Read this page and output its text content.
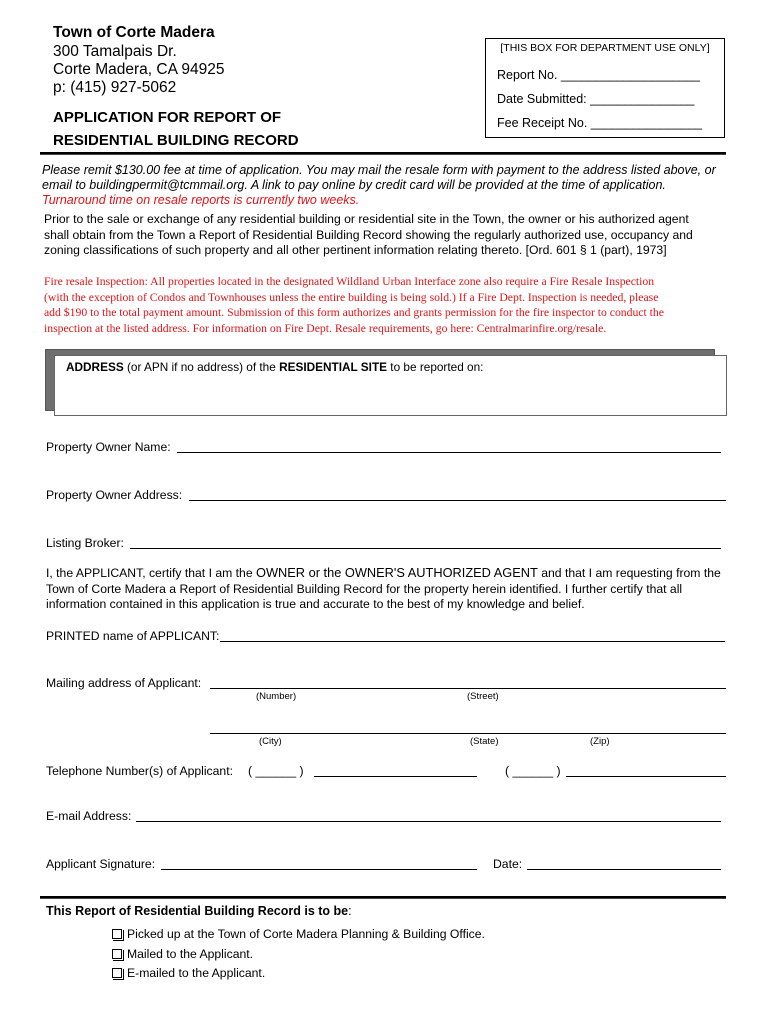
Town of Corte Madera
300 Tamalpais Dr.
Corte Madera, CA 94925
p: (415) 927-5062
APPLICATION FOR REPORT OF
RESIDENTIAL BUILDING RECORD
[THIS BOX FOR DEPARTMENT USE ONLY]
Report No. ____________________
Date Submitted: _______________
Fee Receipt No. ________________
Please remit $130.00 fee at time of application. You may mail the resale form with payment to the address listed above, or
email to buildingpermit@tcmmail.org. A link to pay online by credit card will be provided at the time of application.
Turnaround time on resale reports is currently two weeks.
Prior to the sale or exchange of any residential building or residential site in the Town, the owner or his authorized agent
shall obtain from the Town a Report of Residential Building Record showing the regularly authorized use, occupancy and
zoning classifications of such property and all other pertinent information relating thereto. [Ord. 601 § 1 (part), 1973]
Fire resale Inspection: All properties located in the designated Wildland Urban Interface zone also require a Fire Resale Inspection
(with the exception of Condos and Townhouses unless the entire building is being sold.) If a Fire Dept. Inspection is needed, please
add $190 to the total payment amount. Submission of this form authorizes and grants permission for the fire inspector to conduct the
inspection at the listed address. For information on Fire Dept. Resale requirements, go here: Centralmarinfire.org/resale.
ADDRESS (or APN if no address) of the RESIDENTIAL SITE to be reported on:
Property Owner Name:
Property Owner Address:
Listing Broker:
I, the APPLICANT, certify that I am the OWNER or the OWNER'S AUTHORIZED AGENT and that I am requesting from the
Town of Corte Madera a Report of Residential Building Record for the property herein identified. I further certify that all
information contained in this application is true and accurate to the best of my knowledge and belief.
PRINTED name of APPLICANT:
Mailing address of Applicant:
(Number)	(Street)
(City)	(State)	(Zip)
Telephone Number(s) of Applicant: ( ______ )	( ______ )
E-mail Address:
Applicant Signature:	Date:
This Report of Residential Building Record is to be:
Picked up at the Town of Corte Madera Planning & Building Office.
Mailed to the Applicant.
E-mailed to the Applicant.
